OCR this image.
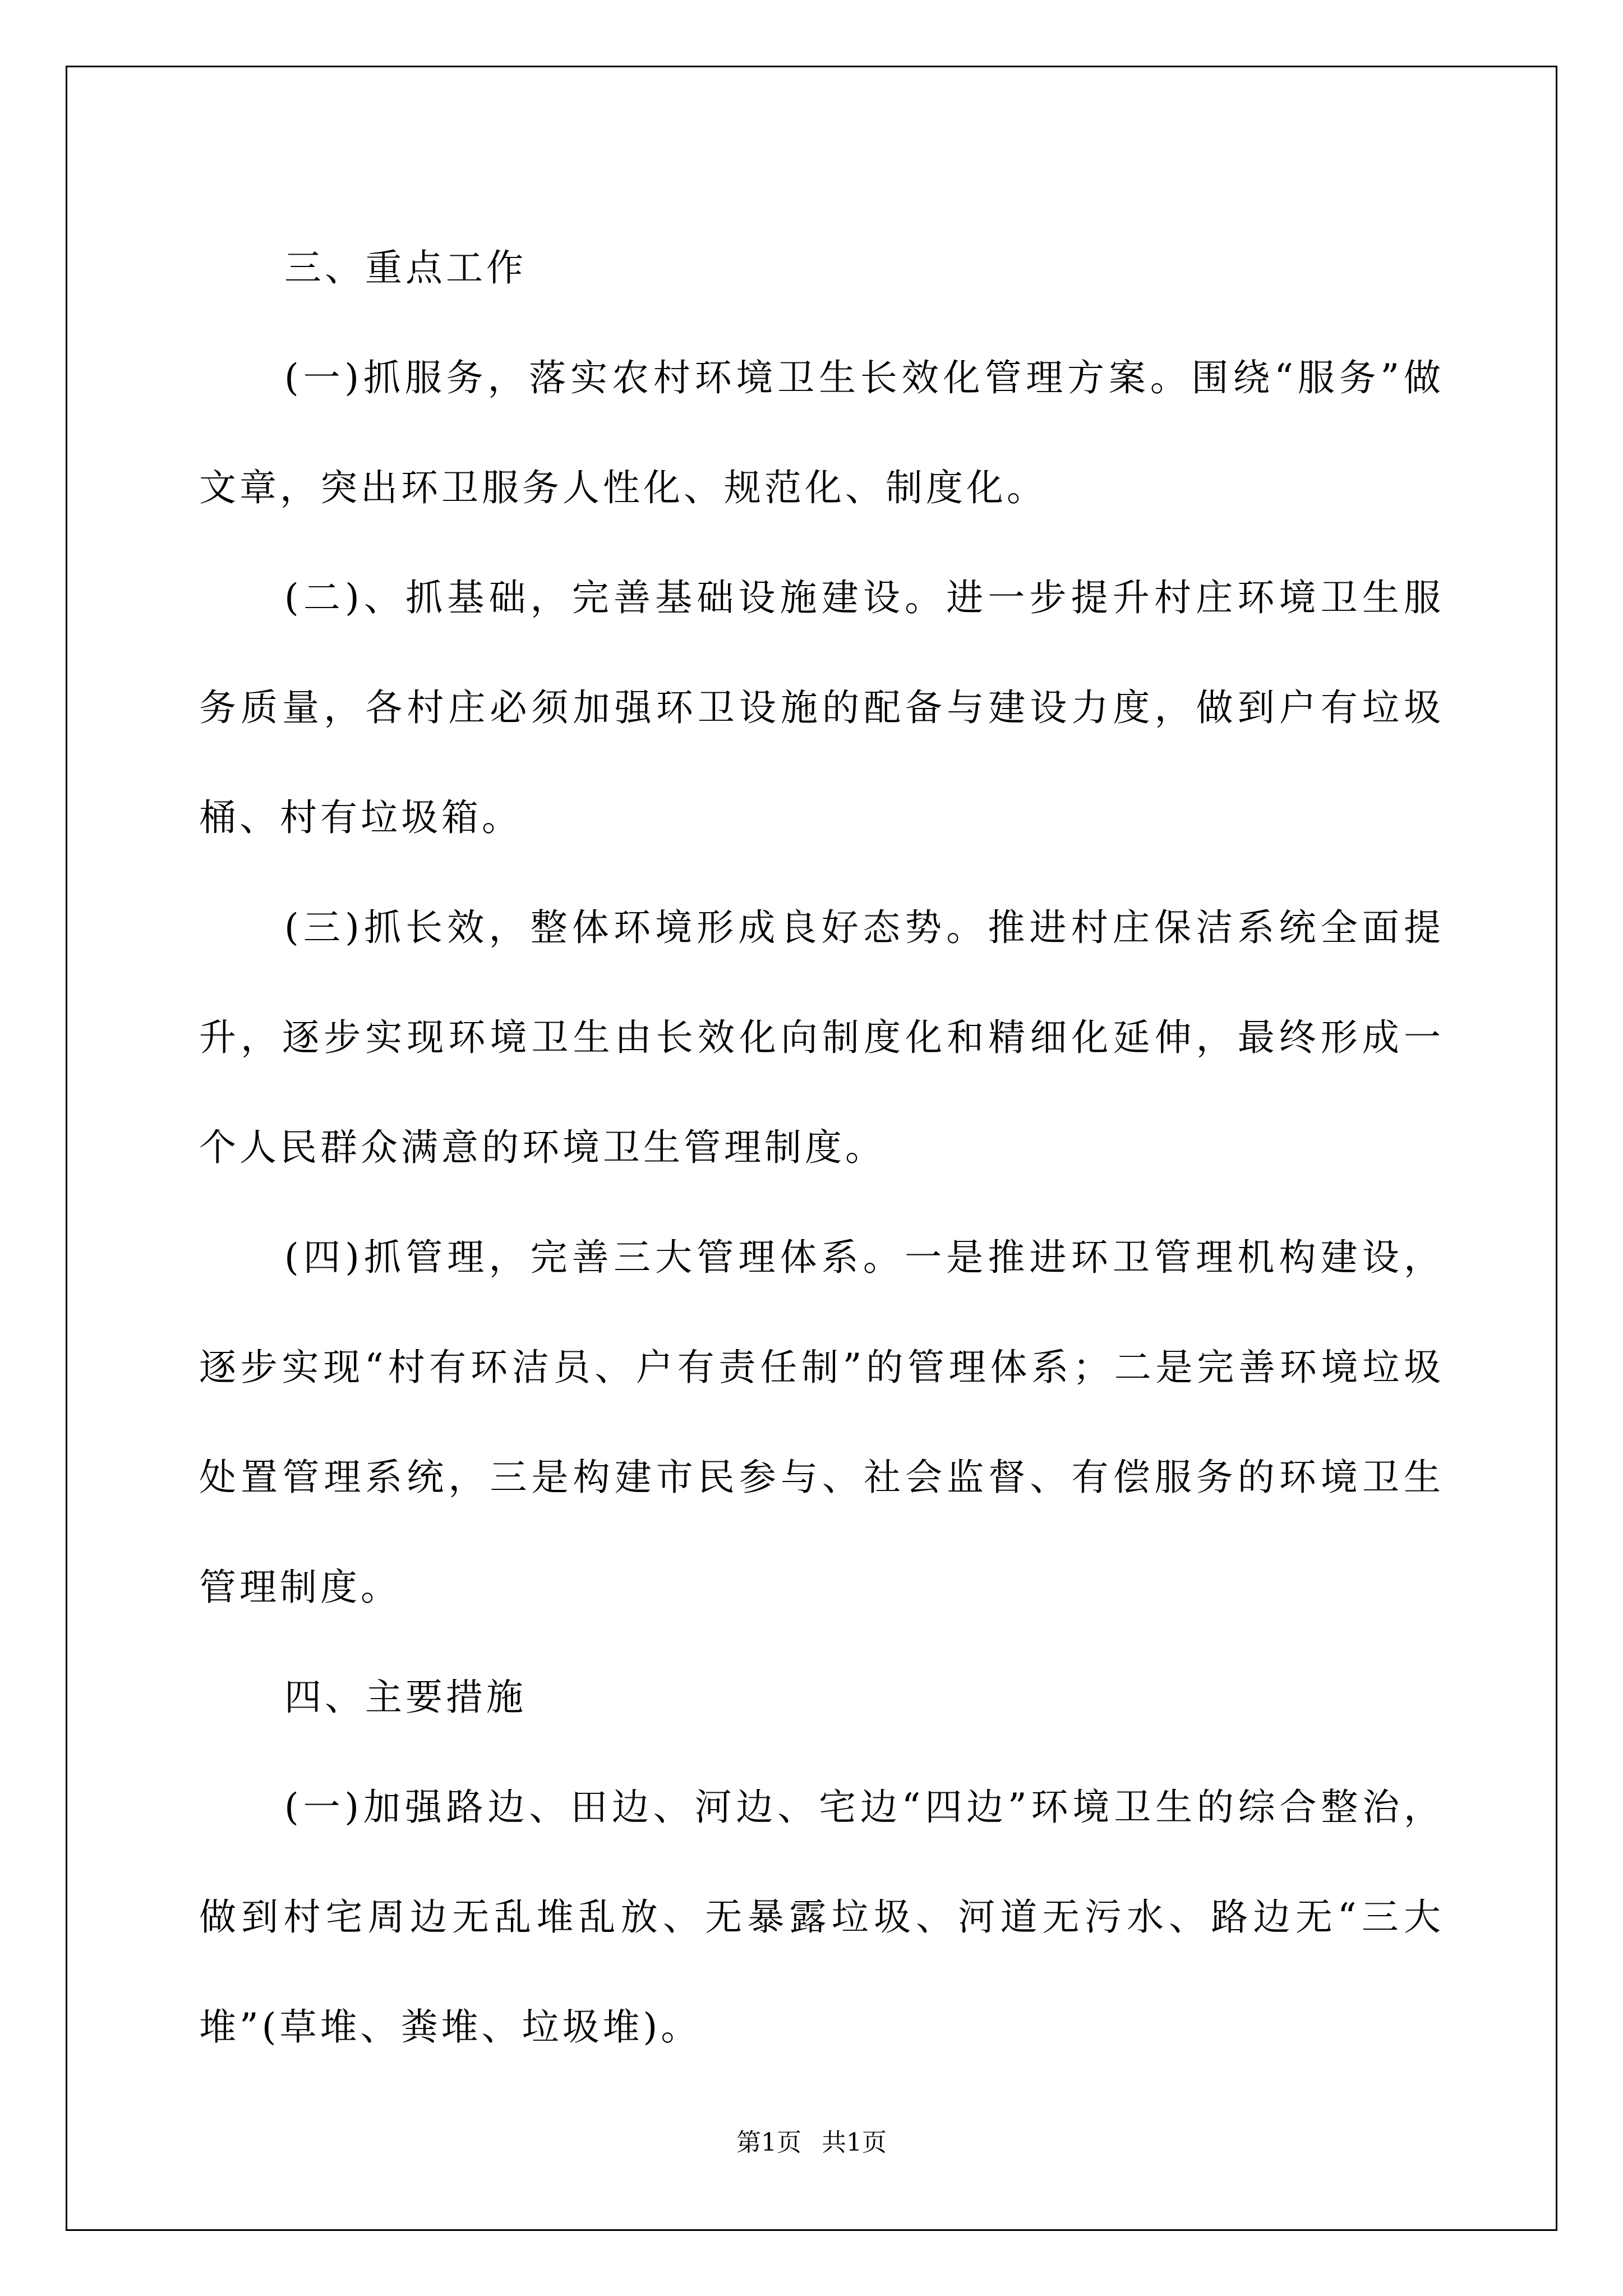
三、重点工作

(一)抓服务，落实农村环境卫生长效化管理方案。围绕“服务”做文章，突出环卫服务人性化、规范化、制度化。

(二)、抓基础，完善基础设施建设。进一步提升村庄环境卫生服务质量，各村庄必须加强环卫设施的配备与建设力度，做到户有垃圾桶、村有垃圾箱。

(三)抓长效，整体环境形成良好态势。推进村庄保洁系统全面提升，逐步实现环境卫生由长效化向制度化和精细化延伸，最终形成一个人民群众满意的环境卫生管理制度。

(四)抓管理，完善三大管理体系。一是推进环卫管理机构建设，逐步实现“村有环洁员、户有责任制”的管理体系；二是完善环境垃圾处置管理系统，三是构建市民参与、社会监督、有偿服务的环境卫生管理制度。

四、主要措施

(一)加强路边、田边、河边、宅边“四边”环境卫生的综合整治，做到村宅周边无乱堆乱放、无暴露垃圾、河道无污水、路边无“三大堆”(草堆、粪堆、垃圾堆)。

第1页 共1页
